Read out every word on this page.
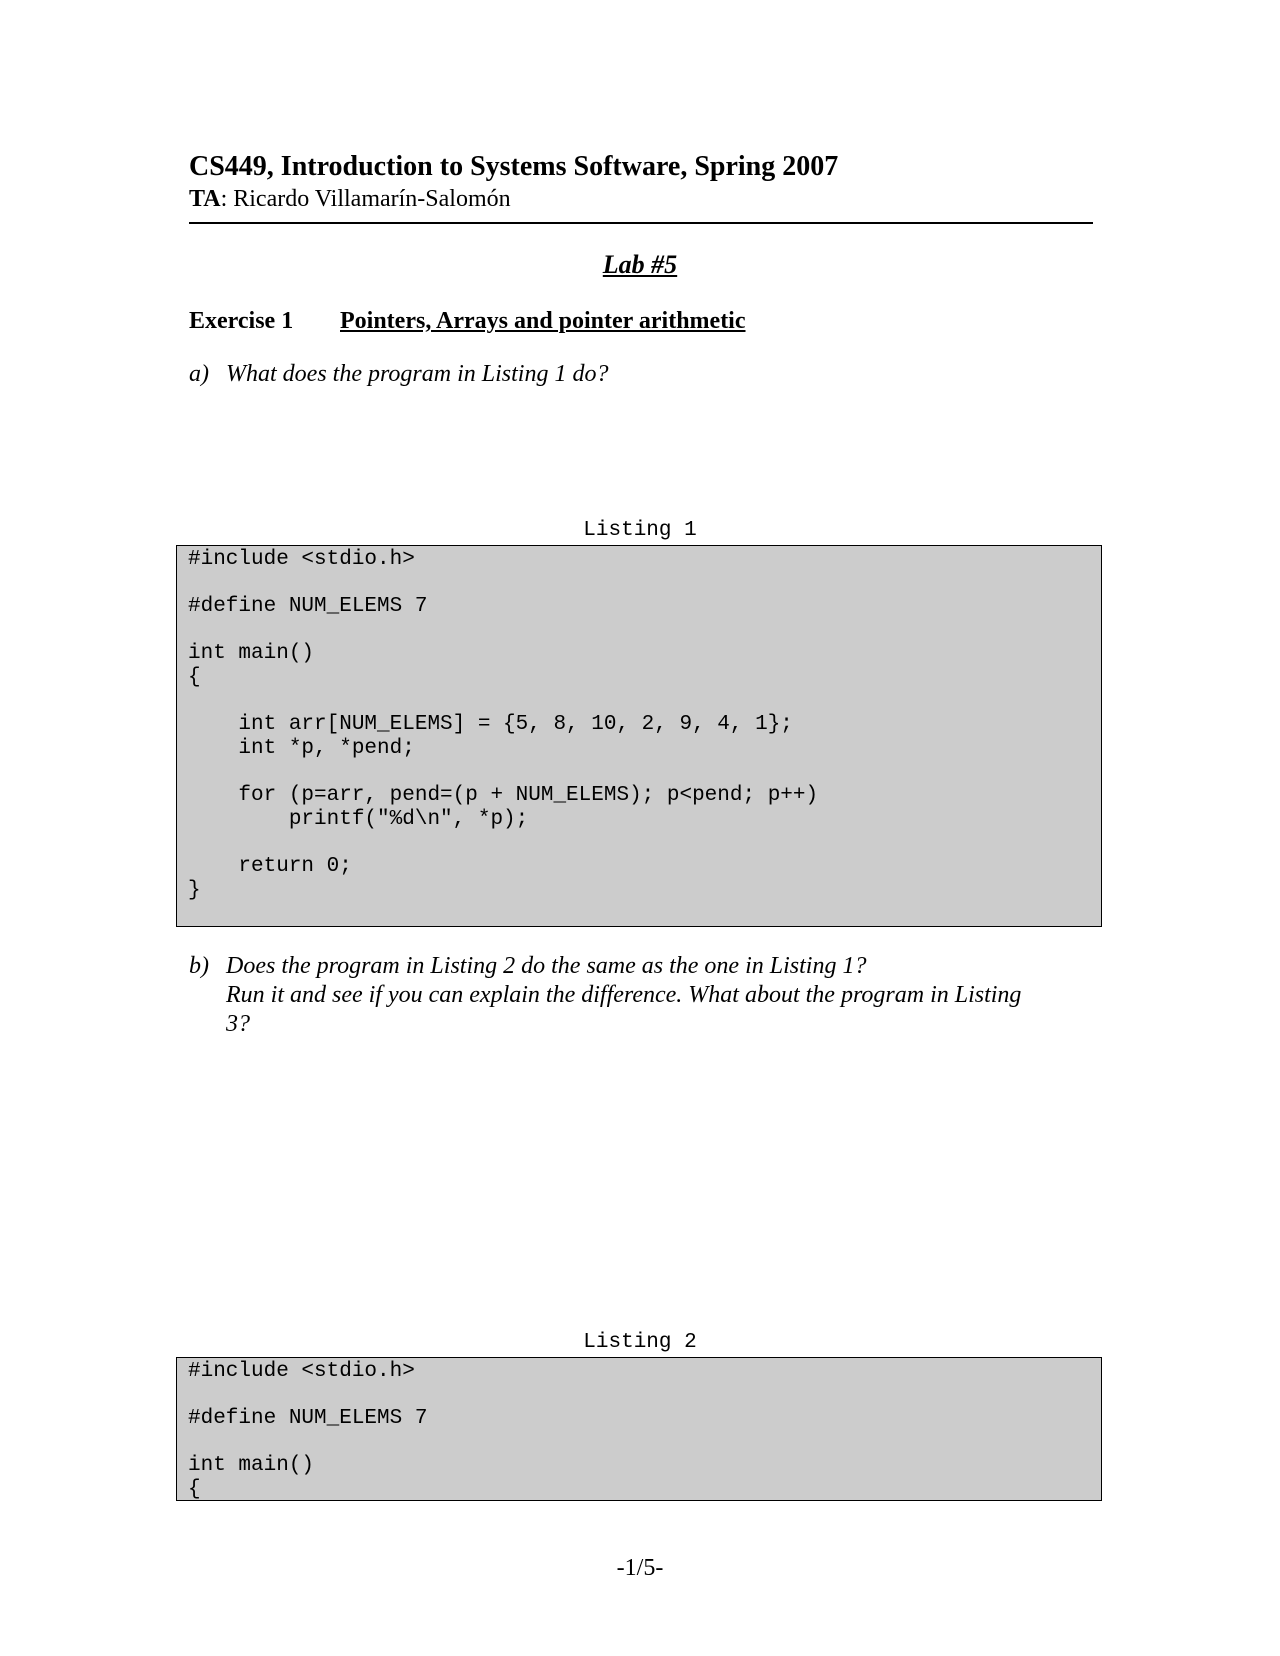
CS449, Introduction to Systems Software, Spring 2007
TA: Ricardo Villamarín-Salomón
Lab #5
Exercise 1 Pointers, Arrays and pointer arithmetic
a) What does the program in Listing 1 do?
Listing 1
#include <stdio.h>
#define NUM_ELEMS 7
int main()
{
int arr[NUM_ELEMS] = {5, 8, 10, 2, 9, 4, 1};
int *p, *pend;
for (p=arr, pend=(p + NUM_ELEMS); p<pend; p++)
printf("%d\n", *p);
return 0;
}
b) Does the program in Listing 2 do the same as the one in Listing 1?
Run it and see if you can explain the difference. What about the program in Listing
3?
Listing 2
#include <stdio.h>
#define NUM_ELEMS 7
int main()
{
-1/5-
